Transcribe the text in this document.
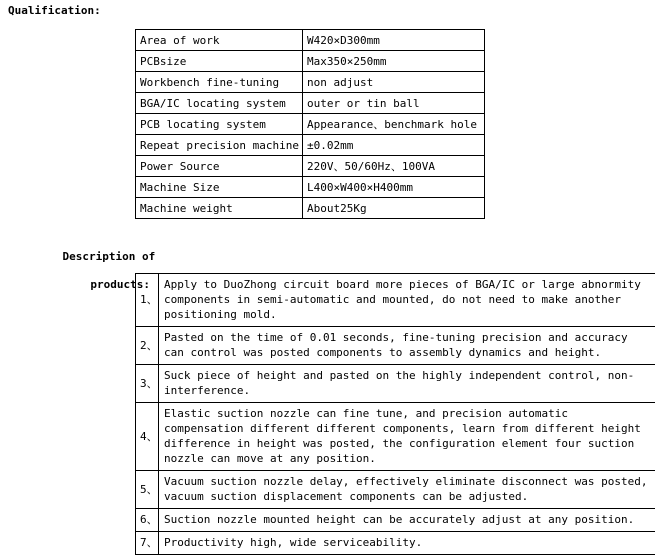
Qualification:
Area of work	W420×D300mm
PCBsize	Max350×250mm
Workbench fine-tuning	non adjust
BGA/IC locating system	outer or tin ball
PCB locating system	Appearance、benchmark hole
Repeat precision machine	±0.02mm
Power Source	220V、50/60Hz、100VA
Machine Size	L400×W400×H400mm
Machine weight	About25Kg

Description of

products:

1、	Apply to DuoZhong circuit board more pieces of BGA/IC or large abnormity components in semi-automatic and mounted, do not need to make another positioning mold.
2、	Pasted on the time of 0.01 seconds, fine-tuning precision and accuracy can control was posted components to assembly dynamics and height.
3、	Suck piece of height and pasted on the highly independent control, non-interference.
4、	Elastic suction nozzle can fine tune, and precision automatic compensation different different components, learn from different height difference in height was posted, the configuration element four suction nozzle can move at any position.
5、	Vacuum suction nozzle delay, effectively eliminate disconnect was posted, vacuum suction displacement components can be adjusted.
6、	Suction nozzle mounted height can be accurately adjust at any position.
7、	Productivity high, wide serviceability.
